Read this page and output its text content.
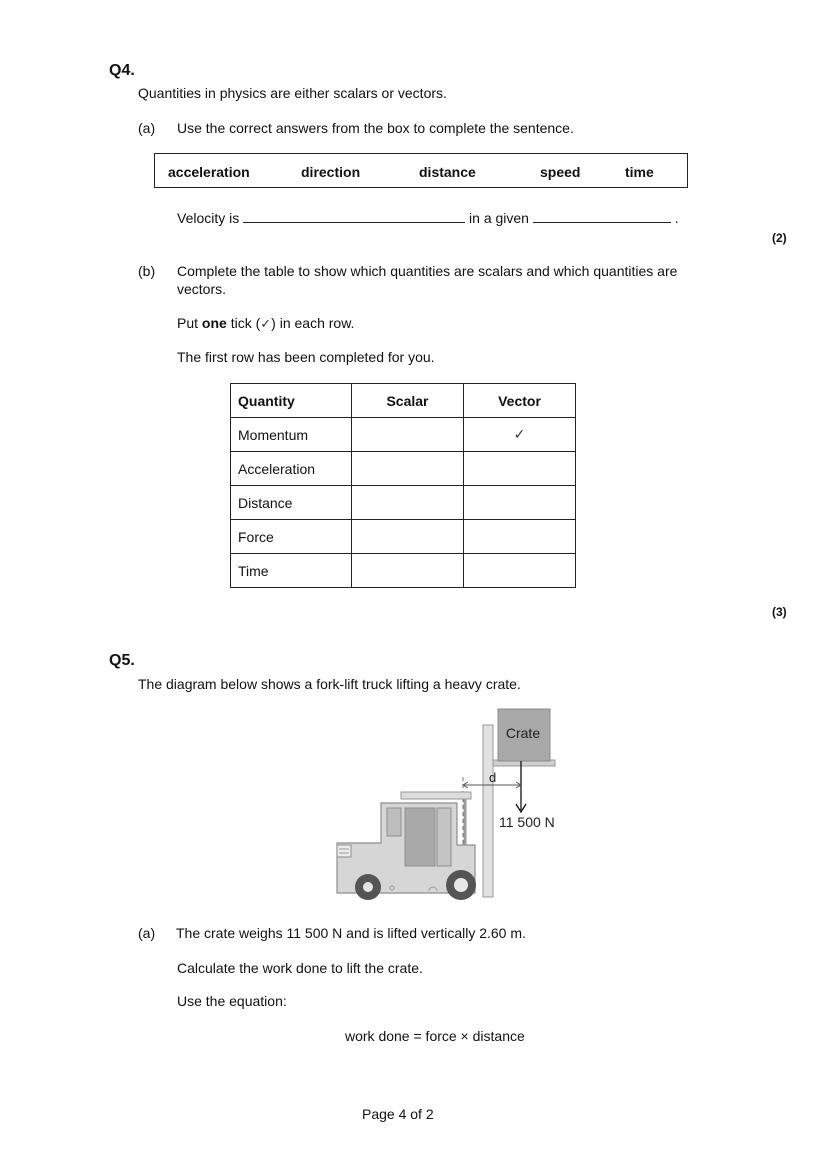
Q4.
Quantities in physics are either scalars or vectors.
(a) Use the correct answers from the box to complete the sentence.
acceleration	direction	distance	speed	time
Velocity is	in a given	.
(2)
(b) Complete the table to show which quantities are scalars and which quantities are
vectors.
Put one tick (✓) in each row.
The first row has been completed for you.
Quantity	Scalar	Vector
Momentum		✓
Acceleration		
Distance		
Force		
Time		
(3)
Q5.
The diagram below shows a fork-lift truck lifting a heavy crate.
Crate
11 500 N
d
(a) The crate weighs 11 500 N and is lifted vertically 2.60 m.
Calculate the work done to lift the crate.
Use the equation:
work done = force × distance
Page 4 of 2
